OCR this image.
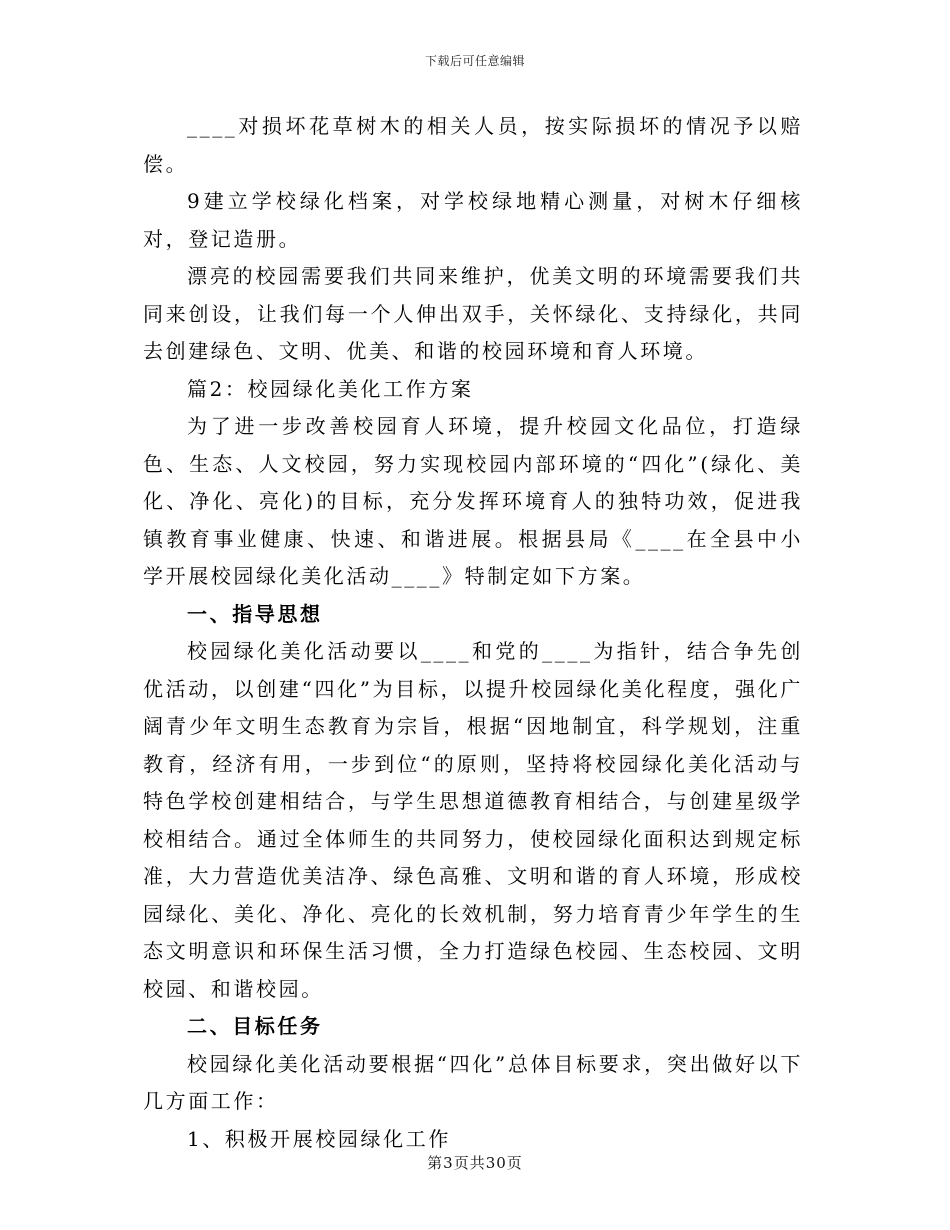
下载后可任意编辑

____对损坏花草树木的相关人员，按实际损坏的情况予以赔偿。

9建立学校绿化档案，对学校绿地精心测量，对树木仔细核对，登记造册。

漂亮的校园需要我们共同来维护，优美文明的环境需要我们共同来创设，让我们每一个人伸出双手，关怀绿化、支持绿化，共同去创建绿色、文明、优美、和谐的校园环境和育人环境。

篇2：校园绿化美化工作方案

为了进一步改善校园育人环境，提升校园文化品位，打造绿色、生态、人文校园，努力实现校园内部环境的“四化”(绿化、美化、净化、亮化)的目标，充分发挥环境育人的独特功效，促进我镇教育事业健康、快速、和谐进展。根据县局《____在全县中小学开展校园绿化美化活动____》特制定如下方案。

一、指导思想

校园绿化美化活动要以____和党的____为指针，结合争先创优活动，以创建“四化”为目标，以提升校园绿化美化程度，强化广阔青少年文明生态教育为宗旨，根据“因地制宜，科学规划，注重教育，经济有用，一步到位“的原则，坚持将校园绿化美化活动与特色学校创建相结合，与学生思想道德教育相结合，与创建星级学校相结合。通过全体师生的共同努力，使校园绿化面积达到规定标准，大力营造优美洁净、绿色高雅、文明和谐的育人环境，形成校园绿化、美化、净化、亮化的长效机制，努力培育青少年学生的生态文明意识和环保生活习惯，全力打造绿色校园、生态校园、文明校园、和谐校园。

二、目标任务

校园绿化美化活动要根据“四化”总体目标要求，突出做好以下几方面工作：

1、积极开展校园绿化工作

第3页共30页
